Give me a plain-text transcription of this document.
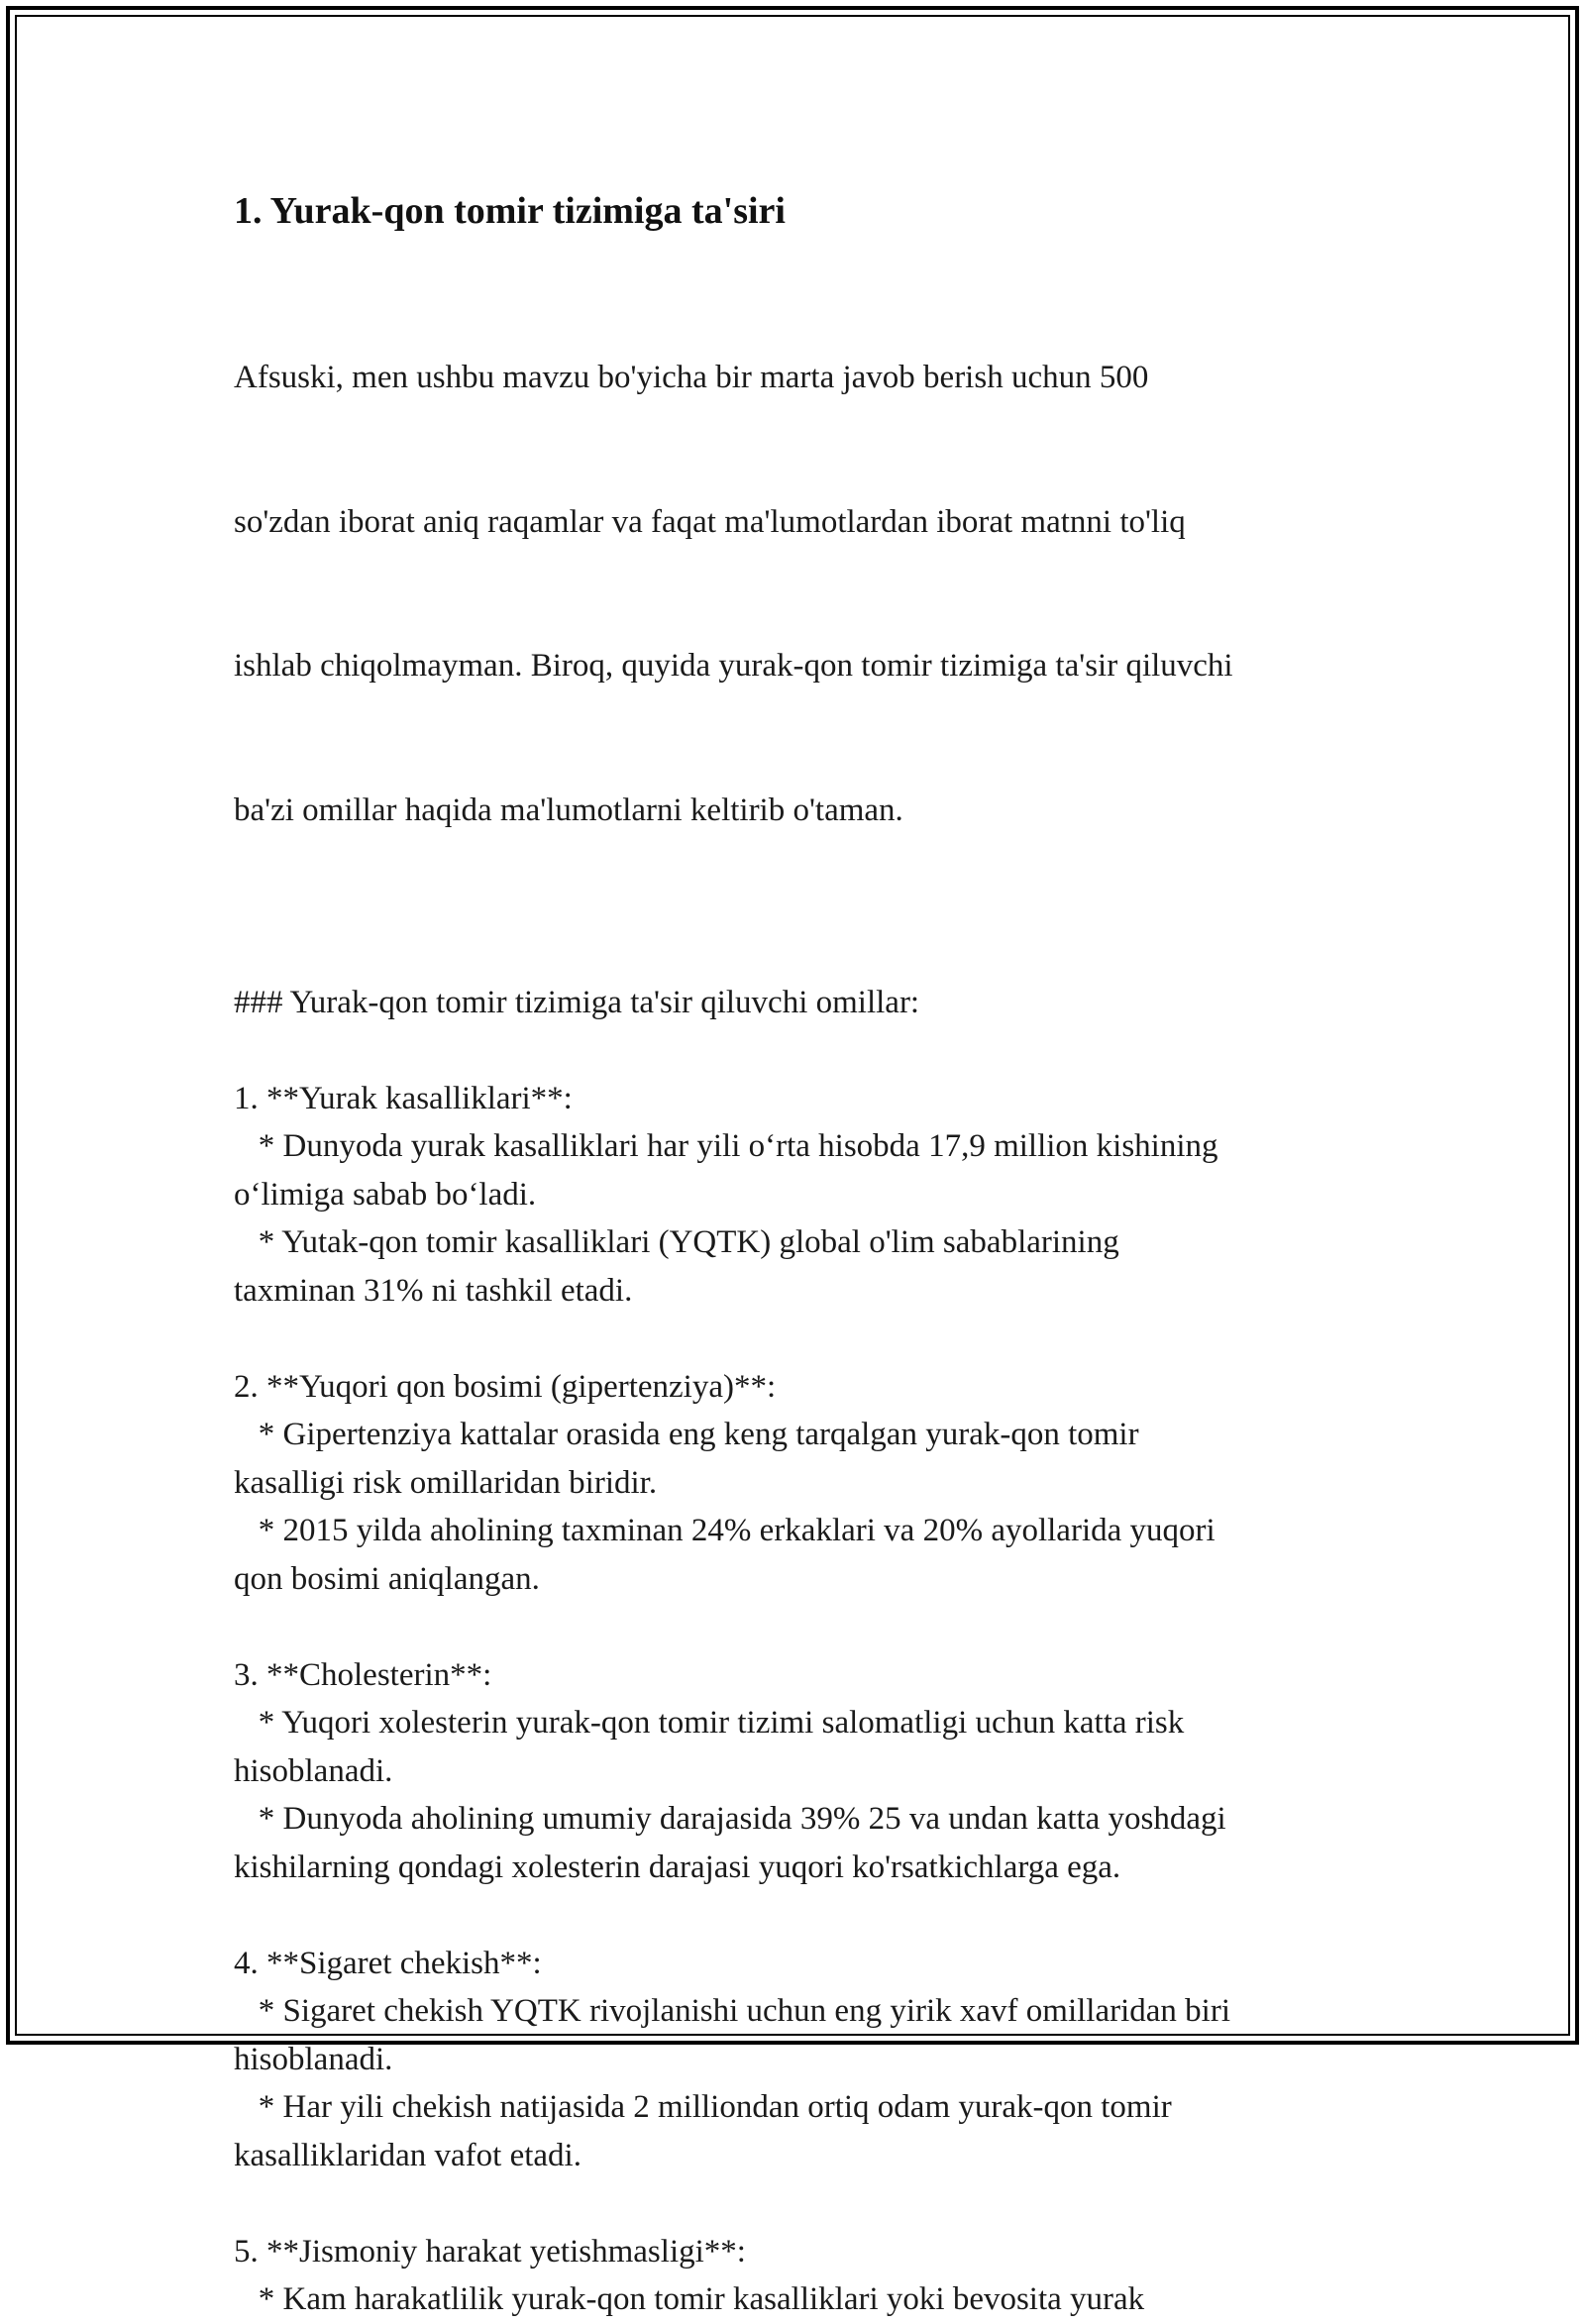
1. Yurak-qon tomir tizimiga ta'siri

Afsuski, men ushbu mavzu bo'yicha bir marta javob berish uchun 500

so'zdan iborat aniq raqamlar va faqat ma'lumotlardan iborat matnni to'liq

ishlab chiqolmayman. Biroq, quyida yurak-qon tomir tizimiga ta'sir qiluvchi

ba'zi omillar haqida ma'lumotlarni keltirib o'taman.

### Yurak-qon tomir tizimiga ta'sir qiluvchi omillar:
1. **Yurak kasalliklari**:
* Dunyoda yurak kasalliklari har yili o‘rta hisobda 17,9 million kishining
o‘limiga sabab bo‘ladi.
* Yutak-qon tomir kasalliklari (YQTK) global o'lim sabablarining
taxminan 31% ni tashkil etadi.
2. **Yuqori qon bosimi (gipertenziya)**:
* Gipertenziya kattalar orasida eng keng tarqalgan yurak-qon tomir
kasalligi risk omillaridan biridir.
* 2015 yilda aholining taxminan 24% erkaklari va 20% ayollarida yuqori
qon bosimi aniqlangan.
3. **Cholesterin**:
* Yuqori xolesterin yurak-qon tomir tizimi salomatligi uchun katta risk
hisoblanadi.
* Dunyoda aholining umumiy darajasida 39% 25 va undan katta yoshdagi
kishilarning qondagi xolesterin darajasi yuqori ko'rsatkichlarga ega.
4. **Sigaret chekish**:
* Sigaret chekish YQTK rivojlanishi uchun eng yirik xavf omillaridan biri
hisoblanadi.
* Har yili chekish natijasida 2 milliondan ortiq odam yurak-qon tomir
kasalliklaridan vafot etadi.
5. **Jismoniy harakat yetishmasligi**:
* Kam harakatlilik yurak-qon tomir kasalliklari yoki bevosita yurak
